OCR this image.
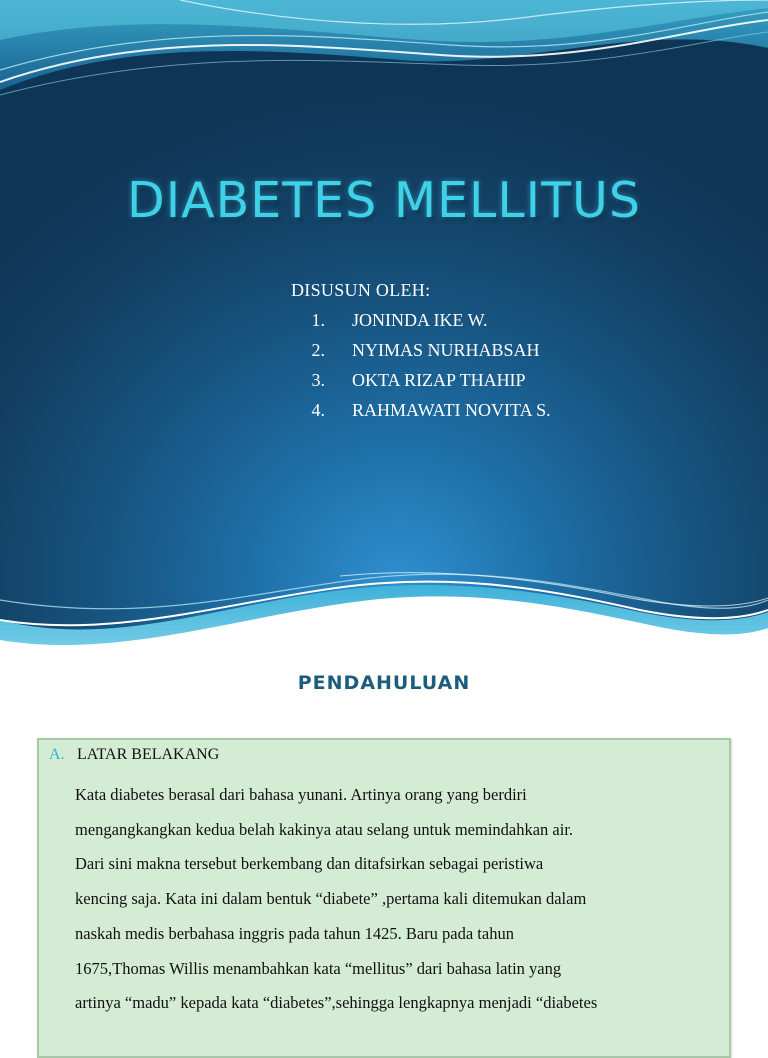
DIABETES MELLITUS
DISUSUN OLEH:
1.	JONINDA IKE W.
2.	NYIMAS NURHABSAH
3.	OKTA RIZAP THAHIP
4.	RAHMAWATI NOVITA S.
PENDAHULUAN
A. LATAR BELAKANG
Kata diabetes berasal dari bahasa yunani. Artinya orang yang berdiri
mengangkangkan kedua belah kakinya atau selang untuk memindahkan air.
Dari sini makna tersebut berkembang dan ditafsirkan sebagai peristiwa
kencing saja. Kata ini dalam bentuk “diabete” ,pertama kali ditemukan dalam
naskah medis berbahasa inggris pada tahun 1425. Baru pada tahun
1675,Thomas Willis menambahkan kata “mellitus” dari bahasa latin yang
artinya “madu” kepada kata “diabetes”,sehingga lengkapnya menjadi “diabetes
